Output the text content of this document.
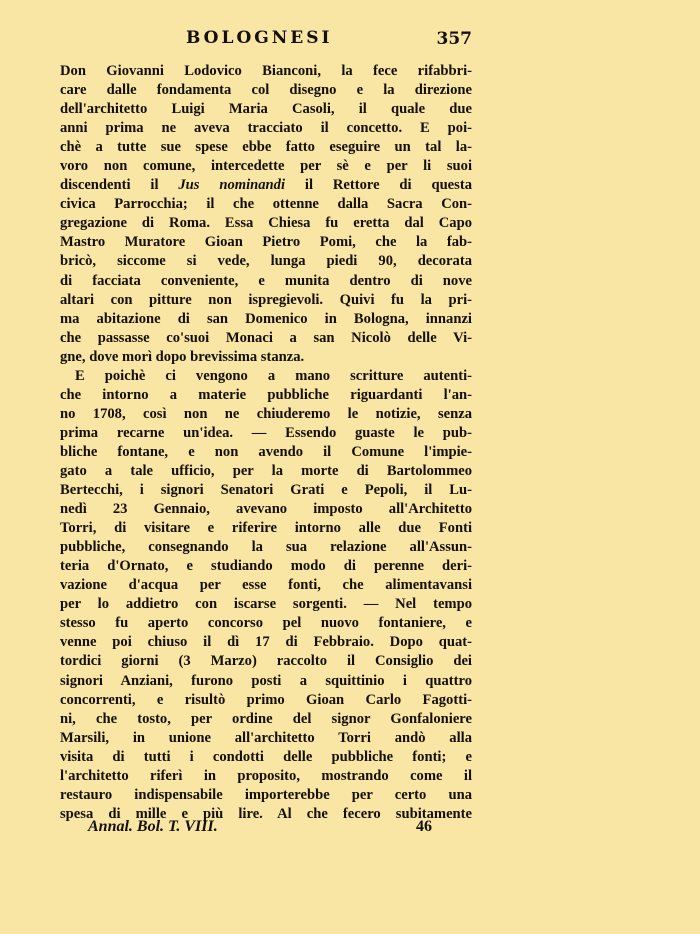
BOLOGNESI	357
Don Giovanni Lodovico Bianconi, la fece rifabbri-
care dalle fondamenta col disegno e la direzione
dell'architetto Luigi Maria Casoli, il quale due
anni prima ne aveva tracciato il concetto. E poi-
chè a tutte sue spese ebbe fatto eseguire un tal la-
voro non comune, intercedette per sè e per li suoi
discendenti il Jus nominandi il Rettore di questa
civica Parrocchia; il che ottenne dalla Sacra Con-
gregazione di Roma. Essa Chiesa fu eretta dal Capo
Mastro Muratore Gioan Pietro Pomi, che la fab-
bricò, siccome si vede, lunga piedi 90, decorata
di facciata conveniente, e munita dentro di nove
altari con pitture non ispregievoli. Quivi fu la pri-
ma abitazione di san Domenico in Bologna, innanzi
che passasse co'suoi Monaci a san Nicolò delle Vi-
gne, dove morì dopo brevissima stanza.
E poichè ci vengono a mano scritture autenti-
che intorno a materie pubbliche riguardanti l'an-
no 1708, così non ne chiuderemo le notizie, senza
prima recarne un'idea. — Essendo guaste le pub-
bliche fontane, e non avendo il Comune l'impie-
gato a tale ufficio, per la morte di Bartolommeo
Bertecchi, i signori Senatori Grati e Pepoli, il Lu-
nedì 23 Gennaio, avevano imposto all'Architetto
Torri, di visitare e riferire intorno alle due Fonti
pubbliche, consegnando la sua relazione all'Assun-
teria d'Ornato, e studiando modo di perenne deri-
vazione d'acqua per esse fonti, che alimentavansi
per lo addietro con iscarse sorgenti. — Nel tempo
stesso fu aperto concorso pel nuovo fontaniere, e
venne poi chiuso il dì 17 di Febbraio. Dopo quat-
tordici giorni (3 Marzo) raccolto il Consiglio dei
signori Anziani, furono posti a squittinio i quattro
concorrenti, e risultò primo Gioan Carlo Fagotti-
ni, che tosto, per ordine del signor Gonfaloniere
Marsili, in unione all'architetto Torri andò alla
visita di tutti i condotti delle pubbliche fonti; e
l'architetto riferì in proposito, mostrando come il
restauro indispensabile importerebbe per certo una
spesa di mille e più lire. Al che fecero subitamente
Annal. Bol. T. VIII.	46
